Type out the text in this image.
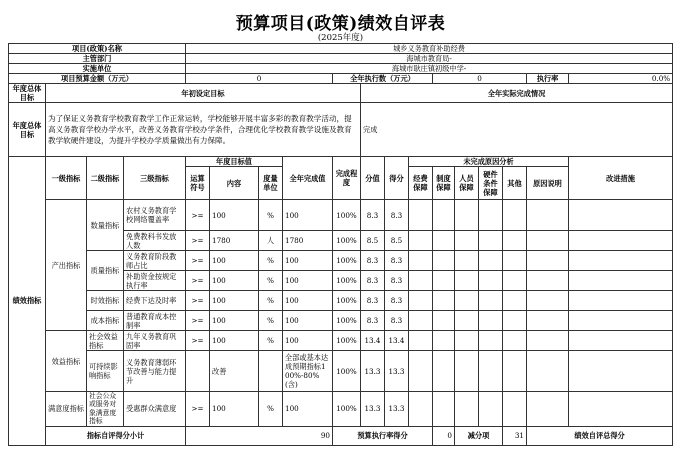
预算项目(政策)绩效自评表
(2025年度)
项目(政策)名称				城乡义务教育补助经费														
主管部门				海城市教育局-														
实施单位				海城市耿庄镇初级中学-														
项目预算金额（万元）				0				全年执行数（万元）				0				执行率	0.0%	
年度总体目标	年初设定目标								全年实际完成情况									
年度总体目标	为了保证义务教育学校教育教学工作正常运转，学校能够开展丰富多彩的教育教学活动，提高义务教育学校办学水平，改善义务教育学校办学条件，合理优化学校教育教学设施及教育教学软硬件建设，为提升学校办学质量做出有力保障。								完成									
绩效指标	一级指标	二级指标	三级指标	年度目标值			全年完成值	完成程度	分值	得分	未完成原因分析						改进措施	
				运算符号	内容	度量单位					经费保障	制度保障	人员保障	硬件条件保障	其他	原因说明		
	产出指标	数量指标	农村义务教育学校网络覆盖率	>=	100	%	100	100%	8.3	8.3								
			免费教科书发放人数	>=	1780	人	1780	100%	8.5	8.5								
		质量指标	义务教育阶段教师占比	>=	100	%	100	100%	8.3	8.3								
			补助资金按规定执行率	>=	100	%	100	100%	8.3	8.3								
		时效指标	经费下达及时率	>=	100	%	100	100%	8.3	8.3								
		成本指标	普通教育成本控制率	>=	100	%	100	100%	8.3	8.3								
	效益指标	社会效益指标	九年义务教育巩固率	>=	100	%	100	100%	13.4	13.4								
		可持续影响指标	义务教育薄弱环节改善与能力提升		改善		全部或基本达成预期指标100%-80%(含)	100%	13.3	13.3								
	满意度指标	社会公众或服务对象满意度指标	受惠群众满意度	>=	100	%	100	100%	13.3	13.3								
	指标自评得分小计			90				预算执行率得分				0	减分项		31	绩效自评总得分	
